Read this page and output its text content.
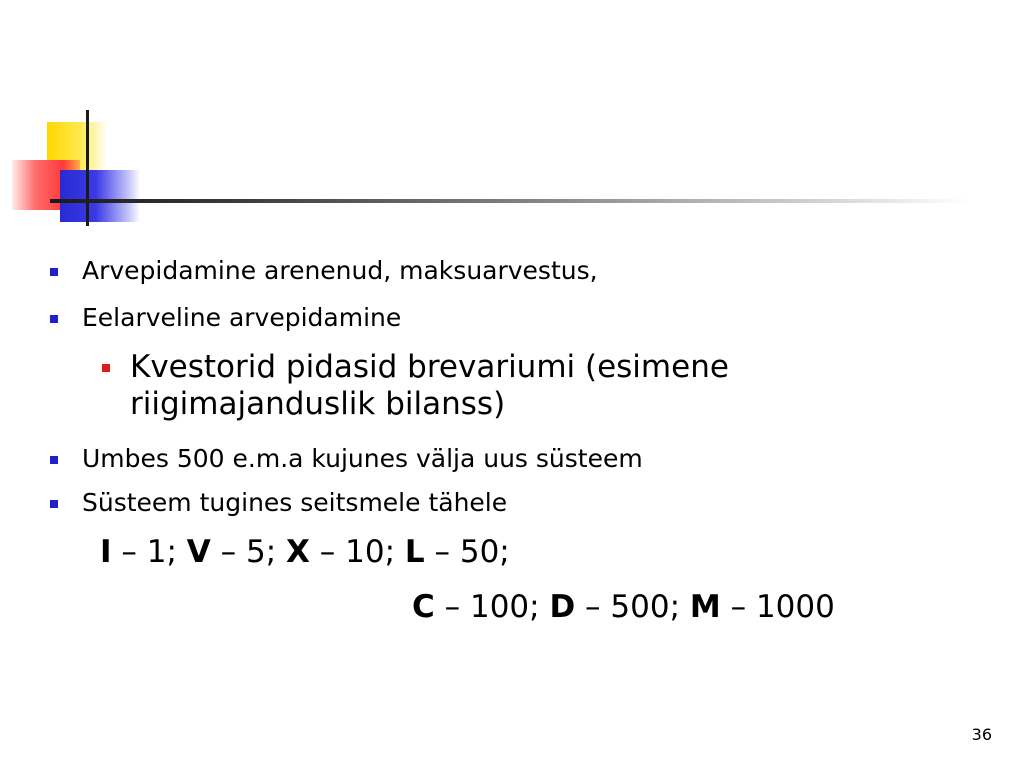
Arvepidamine arenenud, maksuarvestus,
Eelarveline arvepidamine
Kvestorid pidasid brevariumi (esimene riigimajanduslik bilanss)
Umbes 500 e.m.a kujunes välja uus süsteem
Süsteem tugines seitsmele tähele
I – 1; V – 5; X – 10; L – 50;
C – 100; D – 500; M – 1000
36
